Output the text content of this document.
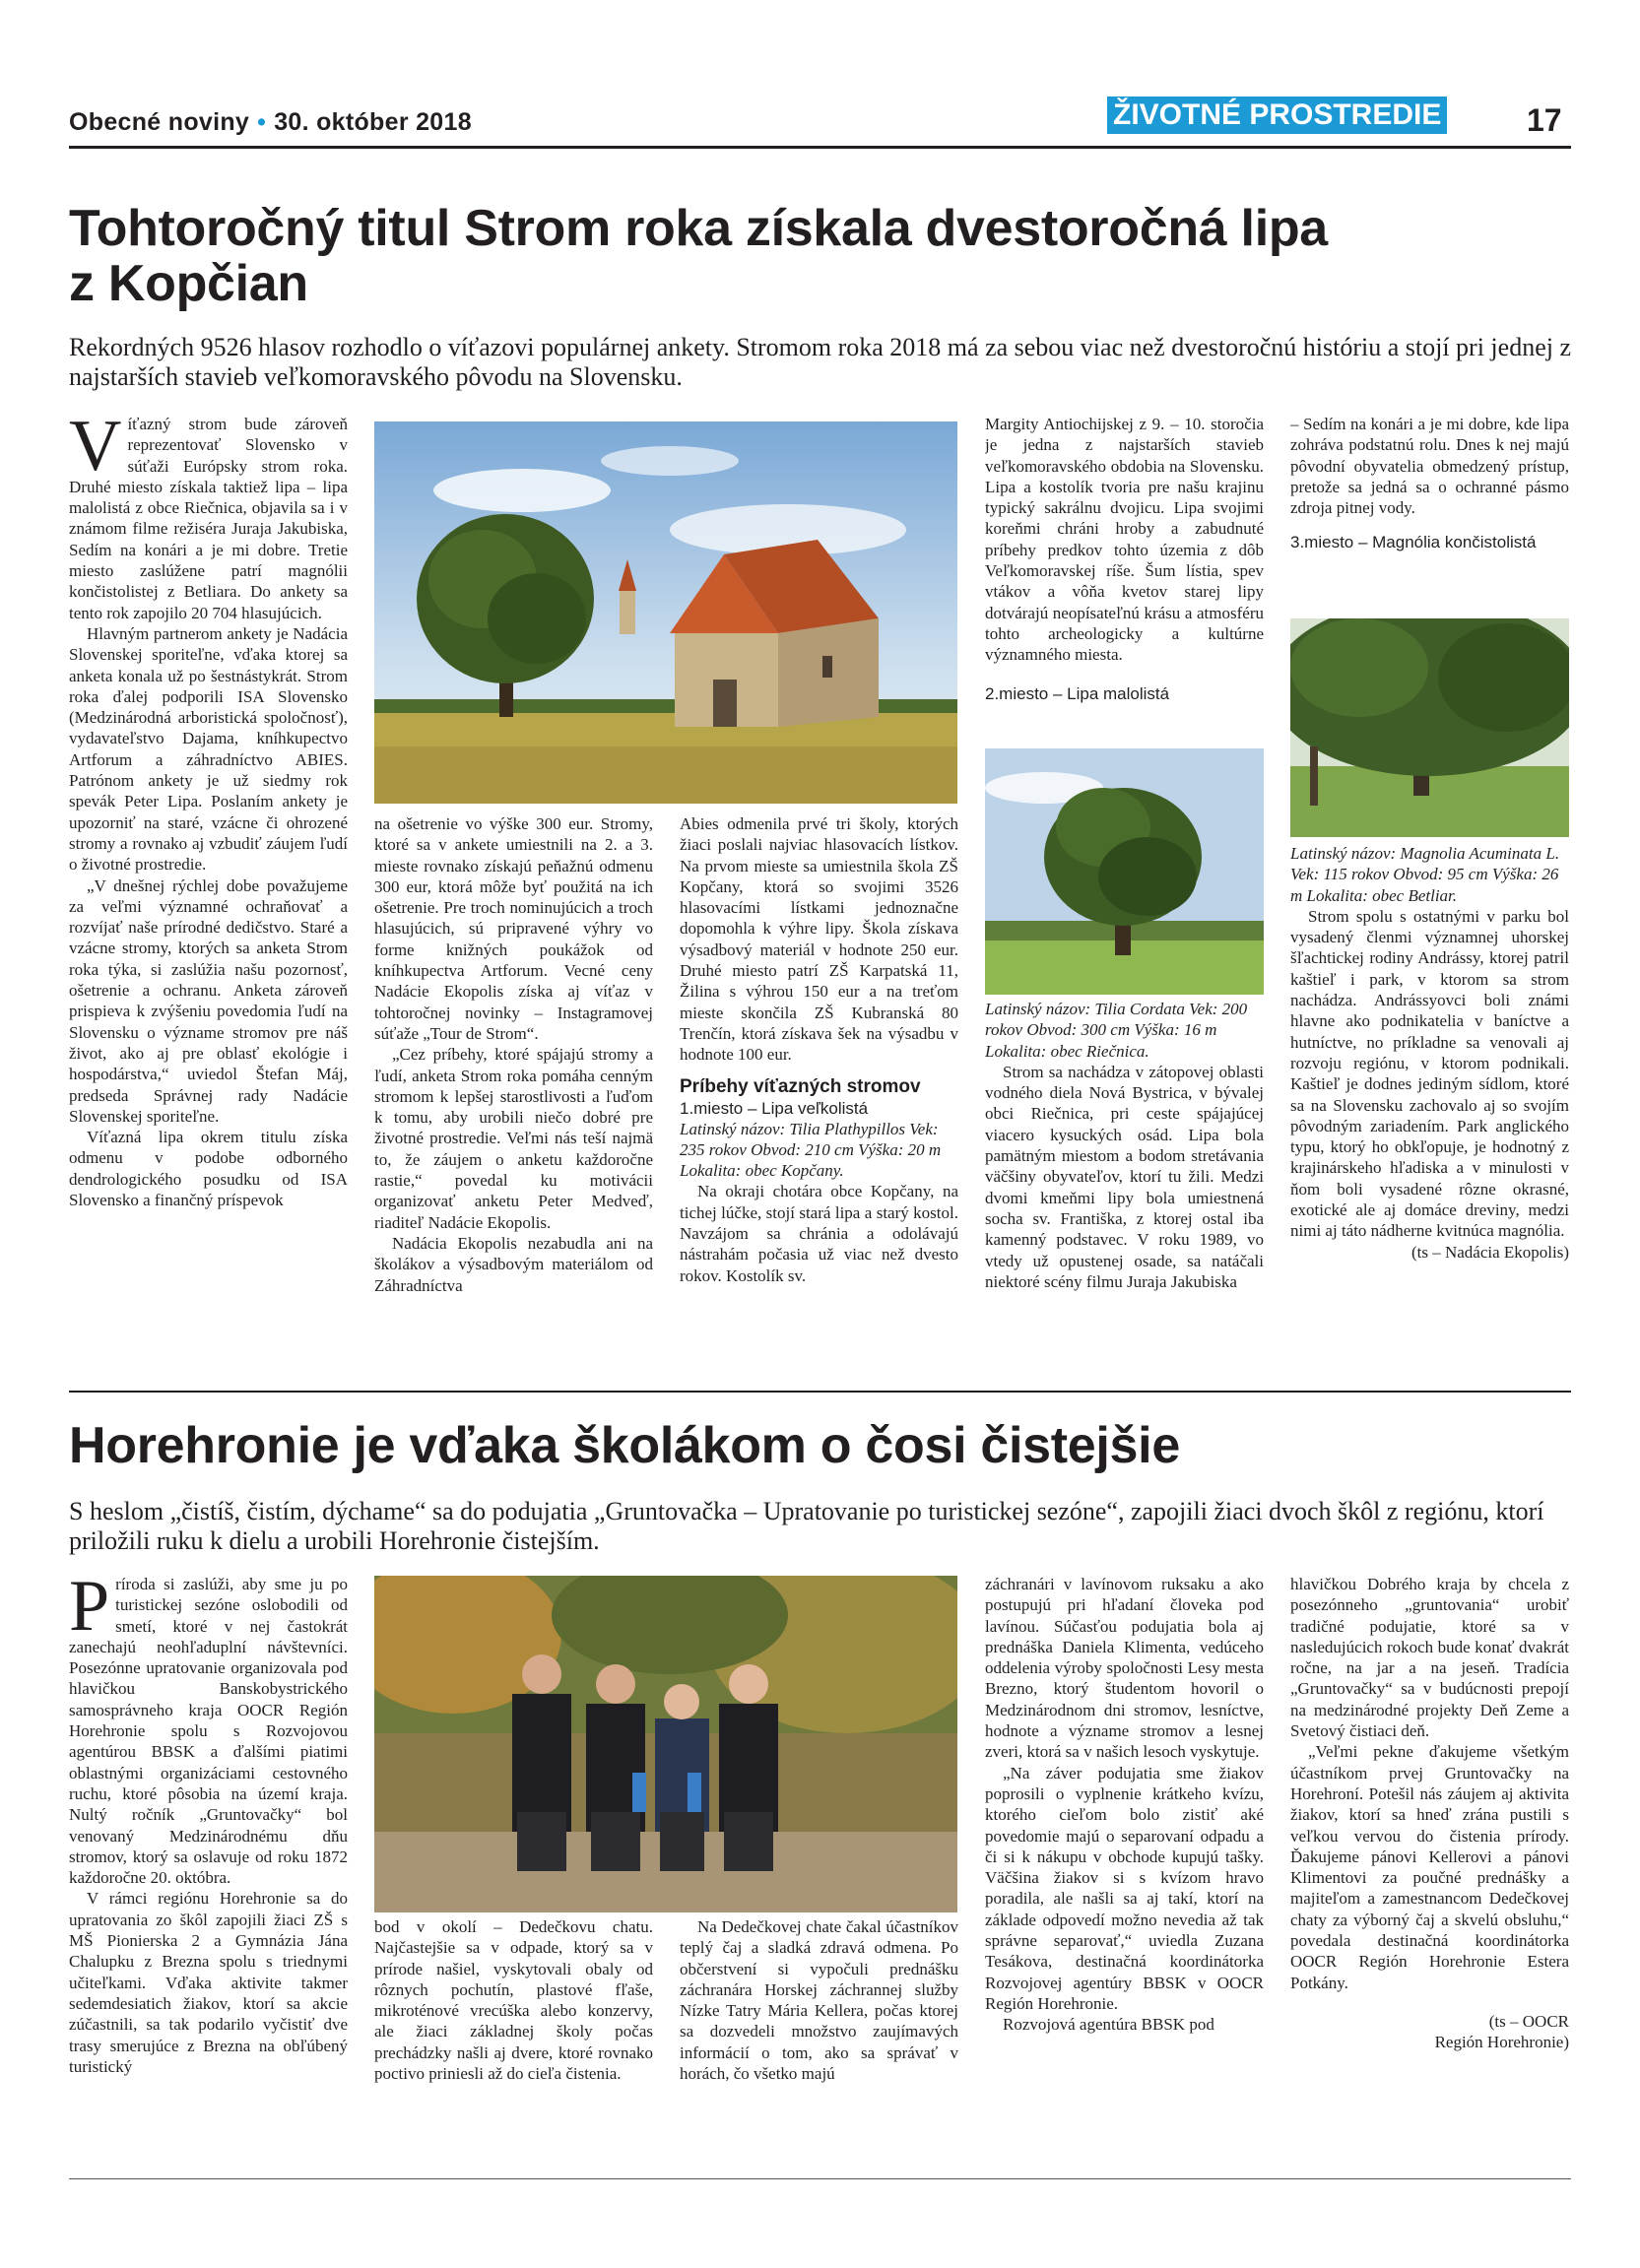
Obecné noviny • 30. október 2018	ŽIVOTNÉ PROSTREDIE	17
Tohtoročný titul Strom roka získala dvestoročná lipa
z Kopčian

Rekordných 9526 hlasov rozhodlo o víťazovi populárnej ankety. Stromom roka 2018 má za sebou viac než dvestoročnú históriu a stojí pri jednej z najstarších stavieb veľkomoravského pôvodu na Slovensku.

Víťazný strom bude zároveň reprezentovať Slovensko v súťaži Európsky strom roka. Druhé miesto získala taktiež lipa – lipa malolistá z obce Riečnica, objavila sa i v známom filme režiséra Juraja Jakubiska, Sedím na konári a je mi dobre. Tretie miesto zaslúžene patrí magnólii končistolistej z Betliara. Do ankety sa tento rok zapojilo 20 704 hlasujúcich.

Hlavným partnerom ankety je Nadácia Slovenskej sporiteľne, vďaka ktorej sa anketa konala už po šestnástykrát. Strom roka ďalej podporili ISA Slovensko (Medzinárodná arboristická spoločnosť), vydavateľstvo Dajama, kníhkupectvo Artforum a záhradníctvo ABIES. Patrónom ankety je už siedmy rok spevák Peter Lipa. Poslaním ankety je upozorniť na staré, vzácne či ohrozené stromy a rovnako aj vzbudiť záujem ľudí o životné prostredie.

„V dnešnej rýchlej dobe považujeme za veľmi významné ochraňovať a rozvíjať naše prírodné dedičstvo. Staré a vzácne stromy, ktorých sa anketa Strom roka týka, si zaslúžia našu pozornosť, ošetrenie a ochranu. Anketa zároveň prispieva k zvýšeniu povedomia ľudí na Slovensku o význame stromov pre náš život, ako aj pre oblasť ekológie i hospodárstva,“ uviedol Štefan Máj, predseda Správnej rady Nadácie Slovenskej sporiteľne.

Víťazná lipa okrem titulu získa odmenu v podobe odborného dendrologického posudku od ISA Slovensko a finančný príspevok

na ošetrenie vo výške 300 eur. Stromy, ktoré sa v ankete umiestnili na 2. a 3. mieste rovnako získajú peňažnú odmenu 300 eur, ktorá môže byť použitá na ich ošetrenie. Pre troch nominujúcich a troch hlasujúcich, sú pripravené výhry vo forme knižných poukážok od kníhkupectva Artforum. Vecné ceny Nadácie Ekopolis získa aj víťaz v tohtoročnej novinky – Instagramovej súťaže „Tour de Strom“.

„Cez príbehy, ktoré spájajú stromy a ľudí, anketa Strom roka pomáha cenným stromom k lepšej starostlivosti a ľuďom k tomu, aby urobili niečo dobré pre životné prostredie. Veľmi nás teší najmä to, že záujem o anketu každoročne rastie,“ povedal ku motivácii organizovať anketu Peter Medveď, riaditeľ Nadácie Ekopolis.

Nadácia Ekopolis nezabudla ani na školákov a výsadbovým materiálom od Záhradníctva

Abies odmenila prvé tri školy, ktorých žiaci poslali najviac hlasovacích lístkov. Na prvom mieste sa umiestnila škola ZŠ Kopčany, ktorá so svojimi 3526 hlasovacími lístkami jednoznačne dopomohla k výhre lipy. Škola získava výsadbový materiál v hodnote 250 eur. Druhé miesto patrí ZŠ Karpatská 11, Žilina s výhrou 150 eur a na treťom mieste skončila ZŠ Kubranská 80 Trenčín, ktorá získava šek na výsadbu v hodnote 100 eur.

Príbehy víťazných stromov

1.miesto – Lipa veľkolistá

Latinský názov: Tilia Plathypillos Vek: 235 rokov Obvod: 210 cm Výška: 20 m Lokalita: obec Kopčany.

Na okraji chotára obce Kopčany, na tichej lúčke, stojí stará lipa a starý kostol. Navzájom sa chránia a odolávajú nástrahám počasia už viac než dvesto rokov. Kostolík sv.

Margity Antiochijskej z 9. – 10. storočia je jedna z najstarších stavieb veľkomoravského obdobia na Slovensku. Lipa a kostolík tvoria pre našu krajinu typický sakrálnu dvojicu. Lipa svojimi koreňmi chráni hroby a zabudnuté príbehy predkov tohto územia z dôb Veľkomoravskej ríše. Šum lístia, spev vtákov a vôňa kvetov starej lipy dotvárajú neopísateľnú krásu a atmosféru tohto archeologicky a kultúrne významného miesta.

2.miesto – Lipa malolistá

Latinský názov: Tilia Cordata Vek: 200 rokov Obvod: 300 cm Výška: 16 m Lokalita: obec Riečnica.

Strom sa nachádza v zátopovej oblasti vodného diela Nová Bystrica, v bývalej obci Riečnica, pri ceste spájajúcej viacero kysuckých osád. Lipa bola pamätným miestom a bodom stretávania väčšiny obyvateľov, ktorí tu žili. Medzi dvomi kmeňmi lipy bola umiestnená socha sv. Františka, z ktorej ostal iba kamenný podstavec. V roku 1989, vo vtedy už opustenej osade, sa natáčali niektoré scény filmu Juraja Jakubiska

– Sedím na konári a je mi dobre, kde lipa zohráva podstatnú rolu. Dnes k nej majú pôvodní obyvatelia obmedzený prístup, pretože sa jedná sa o ochranné pásmo zdroja pitnej vody.

3.miesto – Magnólia končistolistá

Latinský názov: Magnolia Acuminata L. Vek: 115 rokov Obvod: 95 cm Výška: 26 m Lokalita: obec Betliar.

Strom spolu s ostatnými v parku bol vysadený členmi významnej uhorskej šľachtickej rodiny Andrássy, ktorej patril kaštieľ i park, v ktorom sa strom nachádza. Andrássyovci boli známi hlavne ako podnikatelia v baníctve a hutníctve, no príkladne sa venovali aj rozvoju regiónu, v ktorom podnikali. Kaštieľ je dodnes jediným sídlom, ktoré sa na Slovensku zachovalo aj so svojím pôvodným zariadením. Park anglického typu, ktorý ho obkľopuje, je hodnotný z krajinárskeho hľadiska a v minulosti v ňom boli vysadené rôzne okrasné, exotické ale aj domáce dreviny, medzi nimi aj táto nádherne kvitnúca magnólia.

(ts – Nadácia Ekopolis)

Horehronie je vďaka školákom o čosi čistejšie

S heslom „čistíš, čistím, dýchame“ sa do podujatia „Gruntovačka – Upratovanie po turistickej sezóne“, zapojili žiaci dvoch škôl z regiónu, ktorí priložili ruku k dielu a urobili Horehronie čistejším.

Príroda si zaslúži, aby sme ju po turistickej sezóne oslobodili od smetí, ktoré v nej častokrát zanechajú neohľaduplní návštevníci. Posezónne upratovanie organizovala pod hlavičkou Banskobystrického samosprávneho kraja OOCR Región Horehronie spolu s Rozvojovou agentúrou BBSK a ďalšími piatimi oblastnými organizáciami cestovného ruchu, ktoré pôsobia na území kraja. Nultý ročník „Gruntovačky“ bol venovaný Medzinárodnému dňu stromov, ktorý sa oslavuje od roku 1872 každoročne 20. októbra.

V rámci regiónu Horehronie sa do upratovania zo škôl zapojili žiaci ZŠ s MŠ Pionierska 2 a Gymnázia Jána Chalupku z Brezna spolu s triednymi učiteľkami. Vďaka aktivite takmer sedemdesiatich žiakov, ktorí sa akcie zúčastnili, sa tak podarilo vyčistiť dve trasy smerujúce z Brezna na obľúbený turistický

bod v okolí – Dedečkovu chatu. Najčastejšie sa v odpade, ktorý sa v prírode našiel, vyskytovali obaly od rôznych pochutín, plastové fľaše, mikroténové vrecúška alebo konzervy, ale žiaci základnej školy počas prechádzky našli aj dvere, ktoré rovnako poctivo priniesli až do cieľa čistenia.

Na Dedečkovej chate čakal účastníkov teplý čaj a sladká zdravá odmena. Po občerstvení si vypočuli prednášku záchranára Horskej záchrannej služby Nízke Tatry Mária Kellera, počas ktorej sa dozvedeli množstvo zaujímavých informácií o tom, ako sa správať v horách, čo všetko majú

záchranári v lavínovom ruksaku a ako postupujú pri hľadaní človeka pod lavínou. Súčasťou podujatia bola aj prednáška Daniela Klimenta, vedúceho oddelenia výroby spoločnosti Lesy mesta Brezno, ktorý študentom hovoril o Medzinárodnom dni stromov, lesníctve, hodnote a význame stromov a lesnej zveri, ktorá sa v našich lesoch vyskytuje.

„Na záver podujatia sme žiakov poprosili o vyplnenie krátkeho kvízu, ktorého cieľom bolo zistiť aké povedomie majú o separovaní odpadu a či si k nákupu v obchode kupujú tašky. Väčšina žiakov si s kvízom hravo poradila, ale našli sa aj takí, ktorí na základe odpovedí možno nevedia až tak správne separovať,“ uviedla Zuzana Tesákova, destinačná koordinátorka Rozvojovej agentúry BBSK v OOCR Región Horehronie.

Rozvojová agentúra BBSK pod

hlavičkou Dobrého kraja by chcela z posezónneho „gruntovania“ urobiť tradičné podujatie, ktoré sa v nasledujúcich rokoch bude konať dvakrát ročne, na jar a na jeseň. Tradícia „Gruntovačky“ sa v budúcnosti prepojí na medzinárodné projekty Deň Zeme a Svetový čistiaci deň.

„Veľmi pekne ďakujeme všetkým účastníkom prvej Gruntovačky na Horehroní. Potešil nás záujem aj aktivita žiakov, ktorí sa hneď zrána pustili s veľkou vervou do čistenia prírody. Ďakujeme pánovi Kellerovi a pánovi Klimentovi za poučné prednášky a majiteľom a zamestnancom Dedečkovej chaty za výborný čaj a skvelú obsluhu,“ povedala destinačná koordinátorka OOCR Región Horehronie Estera Potkány.

(ts – OOCR

Región Horehronie)
